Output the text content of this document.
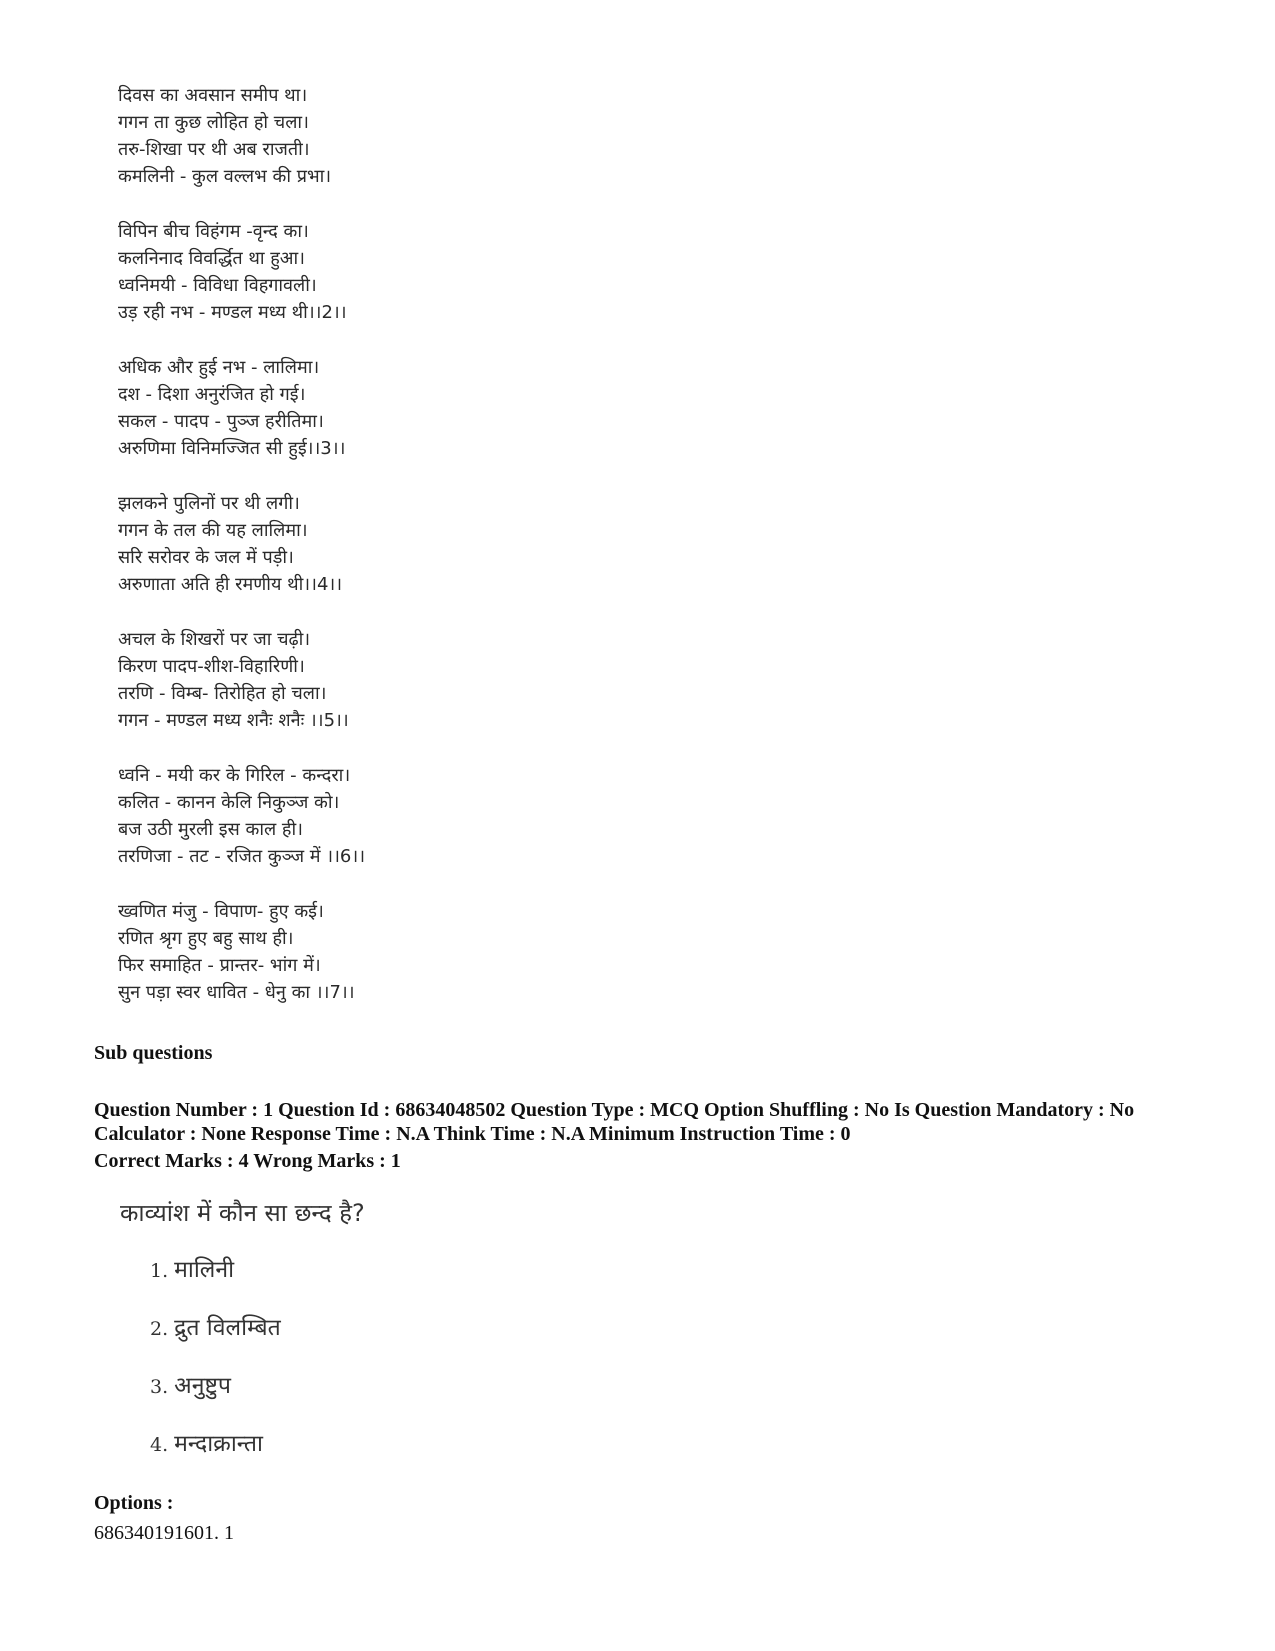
दिवस का अवसान समीप था।
गगन ता कुछ लोहित हो चला।
तरु-शिखा पर थी अब राजती।
कमलिनी - कुल वल्लभ की प्रभा।
विपिन बीच विहंगम -वृन्द का।
कलनिनाद विवर्द्धित था हुआ।
ध्वनिमयी - विविधा विहगावली।
उड़ रही नभ - मण्डल मध्य थी।।2।।
अधिक और हुई नभ - लालिमा।
दश - दिशा अनुरंजित हो गई।
सकल - पादप - पुञ्ज हरीतिमा।
अरुणिमा विनिमज्जित सी हुई।।3।।
झलकने पुलिनों पर थी लगी।
गगन के तल की यह लालिमा।
सरि सरोवर के जल में पड़ी।
अरुणाता अति ही रमणीय थी।।4।।
अचल के शिखरों पर जा चढ़ी।
किरण पादप-शीश-विहारिणी।
तरणि - विम्ब- तिरोहित हो चला।
गगन - मण्डल मध्य शनैः शनैः ।।5।।
ध्वनि - मयी कर के गिरिल - कन्दरा।
कलित - कानन केलि निकुञ्ज को।
बज उठी मुरली इस काल ही।
तरणिजा - तट - रजित कुञ्ज में ।।6।।
ख्वणित मंजु - विपाण- हुए कई।
रणित श्रृग हुए बहु साथ ही।
फिर समाहित - प्रान्तर- भांग में।
सुन पड़ा स्वर धावित - धेनु का ।।7।।

Sub questions

Question Number : 1 Question Id : 68634048502 Question Type : MCQ Option Shuffling : No Is Question Mandatory : No Calculator : None Response Time : N.A Think Time : N.A Minimum Instruction Time : 0

Correct Marks : 4 Wrong Marks : 1

काव्यांश में कौन सा छन्द है?
1. मालिनी
2. द्रुत विलम्बित
3. अनुष्टुप
4. मन्दाक्रान्ता

Options :

686340191601. 1
